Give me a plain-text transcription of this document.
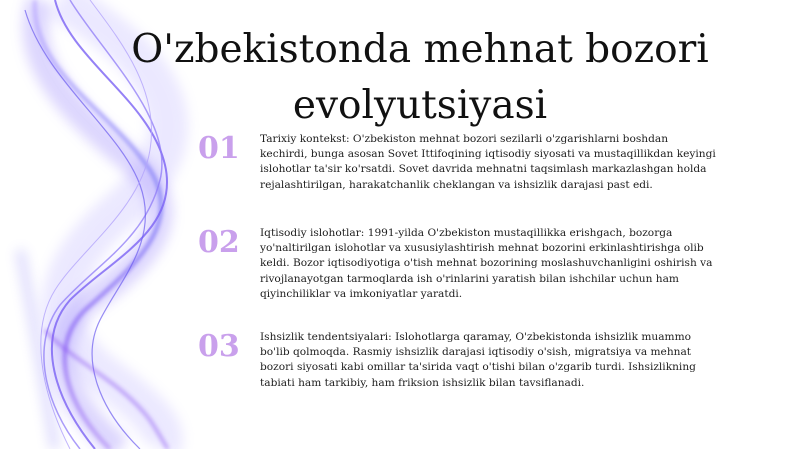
O'zbekistonda mehnat bozori evolyutsiyasi
01	Tarixiy kontekst: O'zbekiston mehnat bozori sezilarli o'zgarishlarni boshdan kechirdi, bunga asosan Sovet Ittifoqining iqtisodiy siyosati va mustaqillikdan keyingi islohotlar ta'sir ko'rsatdi. Sovet davrida mehnatni taqsimlash markazlashgan holda rejalashtirilgan, harakatchanlik cheklangan va ishsizlik darajasi past edi.

02	Iqtisodiy islohotlar: 1991-yilda O'zbekiston mustaqillikka erishgach, bozorga yo'naltirilgan islohotlar va xususiylashtirish mehnat bozorini erkinlashtirishga olib keldi. Bozor iqtisodiyotiga o'tish mehnat bozorining moslashuvchanligini oshirish va rivojlanayotgan tarmoqlarda ish o'rinlarini yaratish bilan ishchilar uchun ham qiyinchiliklar va imkoniyatlar yaratdi.

03	Ishsizlik tendentsiyalari: Islohotlarga qaramay, O'zbekistonda ishsizlik muammo bo'lib qolmoqda. Rasmiy ishsizlik darajasi iqtisodiy o'sish, migratsiya va mehnat bozori siyosati kabi omillar ta'sirida vaqt o'tishi bilan o'zgarib turdi. Ishsizlikning tabiati ham tarkibiy, ham friksion ishsizlik bilan tavsiflanadi.
